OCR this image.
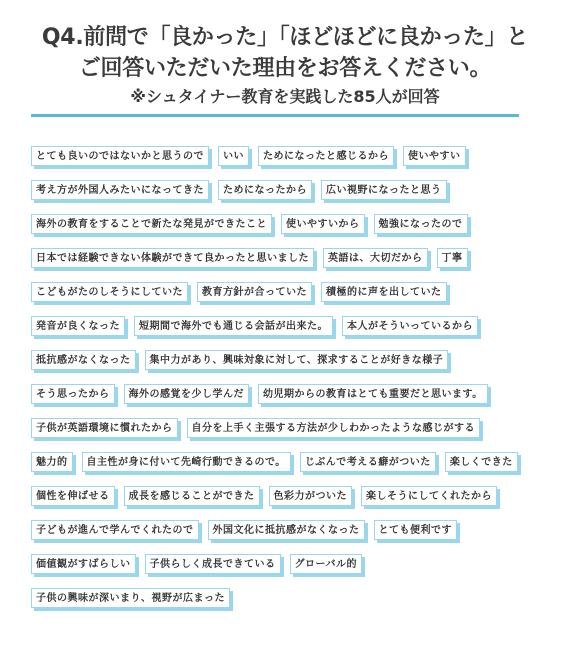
Q4.前問で「良かった」「ほどほどに良かった」と
ご回答いただいた理由をお答えください。
※シュタイナー教育を実践した85人が回答
とても良いのではないかと思うので	いい	ためになったと感じるから	使いやすい
考え方が外国人みたいになってきた	ためになったから	広い視野になったと思う
海外の教育をすることで新たな発見ができたこと	使いやすいから	勉強になったので
日本では経験できない体験ができて良かったと思いました	英語は、大切だから	丁寧
こどもがたのしそうにしていた	教育方針が合っていた	積極的に声を出していた
発音が良くなった	短期間で海外でも通じる会話が出来た。	本人がそういっているから
抵抗感がなくなった	集中力があり、興味対象に対して、探求することが好きな様子
そう思ったから	海外の感覚を少し学んだ	幼児期からの教育はとても重要だと思います。
子供が英語環境に慣れたから	自分を上手く主張する方法が少しわかったような感じがする
魅力的	自主性が身に付いて先崎行動できるので。	じぶんで考える癖がついた	楽しくできた
個性を伸ばせる	成長を感じることができた	色彩力がついた	楽しそうにしてくれたから
子どもが進んで学んでくれたので	外国文化に抵抗感がなくなった	とても便利です
価値観がすばらしい	子供らしく成長できている	グローバル的
子供の興味が深いまり、視野が広まった
